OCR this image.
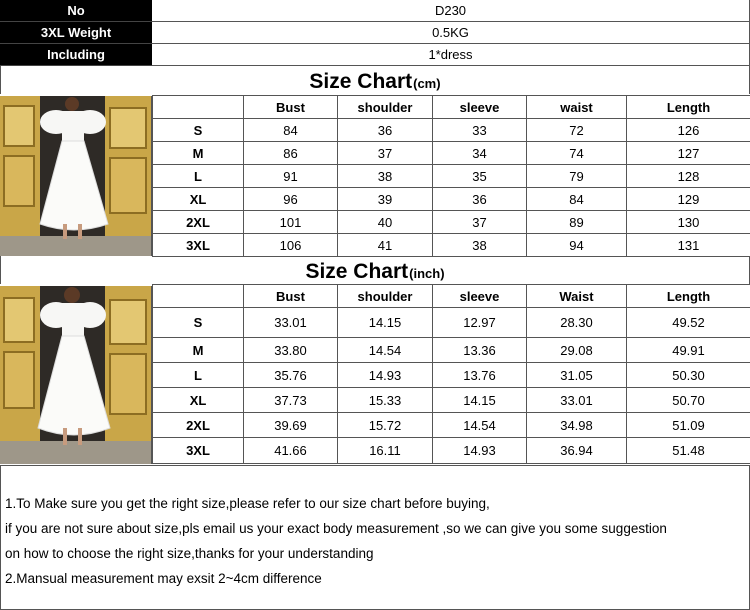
No	D230
3XL Weight	0.5KG
Including	1*dress
Size Chart (cm)
	Bust	shoulder	sleeve	waist	Length
S	84	36	33	72	126
M	86	37	34	74	127
L	91	38	35	79	128
XL	96	39	36	84	129
2XL	101	40	37	89	130
3XL	106	41	38	94	131
Size Chart (inch)
	Bust	shoulder	sleeve	Waist	Length
S	33.01	14.15	12.97	28.30	49.52
M	33.80	14.54	13.36	29.08	49.91
L	35.76	14.93	13.76	31.05	50.30
XL	37.73	15.33	14.15	33.01	50.70
2XL	39.69	15.72	14.54	34.98	51.09
3XL	41.66	16.11	14.93	36.94	51.48

1.To Make sure you get the right size,please refer to our size chart before buying,

if you are not sure about size,pls email us your exact body measurement ,so we can give you some suggestion

on how to choose the right size,thanks for your understanding

2.Mansual measurement may exsit 2~4cm difference
